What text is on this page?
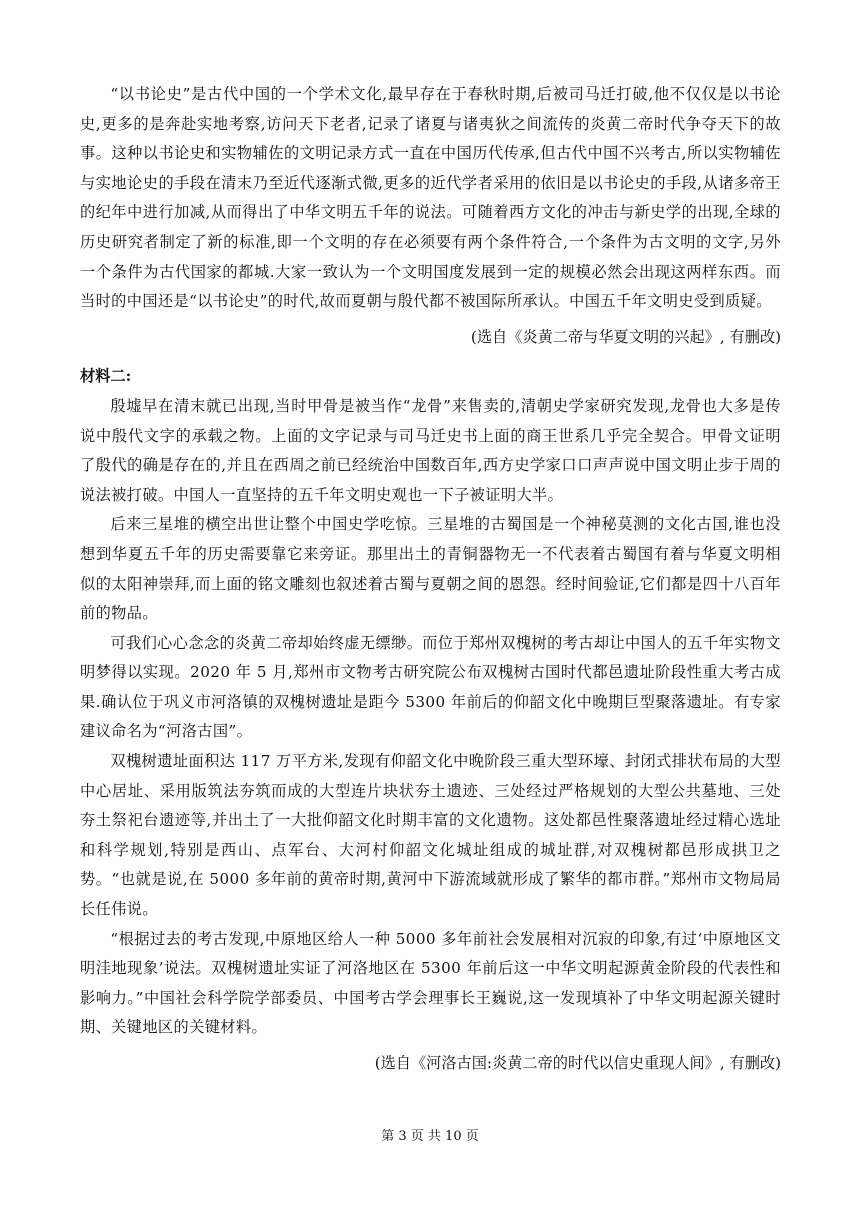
“以书论史”是古代中国的一个学术文化,最早存在于春秋时期,后被司马迁打破,他不仅仅是以书论史,更多的是奔赴实地考察,访问天下老者,记录了诸夏与诸夷狄之间流传的炎黄二帝时代争夺天下的故事。这种以书论史和实物辅佐的文明记录方式一直在中国历代传承,但古代中国不兴考古,所以实物辅佐与实地论史的手段在清末乃至近代逐渐式微,更多的近代学者采用的依旧是以书论史的手段,从诸多帝王的纪年中进行加减,从而得出了中华文明五千年的说法。可随着西方文化的冲击与新史学的出现,全球的历史研究者制定了新的标准,即一个文明的存在必须要有两个条件符合,一个条件为古文明的文字,另外一个条件为古代国家的都城.大家一致认为一个文明国度发展到一定的规模必然会出现这两样东西。而当时的中国还是“以书论史”的时代,故而夏朝与殷代都不被国际所承认。中国五千年文明史受到质疑。

(选自《炎黄二帝与华夏文明的兴起》, 有删改)

材料二:

殷墟早在清末就已出现,当时甲骨是被当作“龙骨”来售卖的,清朝史学家研究发现,龙骨也大多是传说中殷代文字的承载之物。上面的文字记录与司马迁史书上面的商王世系几乎完全契合。甲骨文证明了殷代的确是存在的,并且在西周之前已经统治中国数百年,西方史学家口口声声说中国文明止步于周的说法被打破。中国人一直坚持的五千年文明史观也一下子被证明大半。

后来三星堆的横空出世让整个中国史学吃惊。三星堆的古蜀国是一个神秘莫测的文化古国,谁也没想到华夏五千年的历史需要靠它来旁证。那里出土的青铜器物无一不代表着古蜀国有着与华夏文明相似的太阳神崇拜,而上面的铭文雕刻也叙述着古蜀与夏朝之间的恩怨。经时间验证,它们都是四十八百年前的物品。

可我们心心念念的炎黄二帝却始终虚无缥缈。而位于郑州双槐树的考古却让中国人的五千年实物文明梦得以实现。2020 年 5 月,郑州市文物考古研究院公布双槐树古国时代都邑遗址阶段性重大考古成果.确认位于巩义市河洛镇的双槐树遗址是距今 5300 年前后的仰韶文化中晚期巨型聚落遗址。有专家建议命名为“河洛古国”。

双槐树遗址面积达 117 万平方米,发现有仰韶文化中晚阶段三重大型环壕、封闭式排状布局的大型中心居址、采用版筑法夯筑而成的大型连片块状夯土遗迹、三处经过严格规划的大型公共墓地、三处夯土祭祀台遗迹等,并出土了一大批仰韶文化时期丰富的文化遗物。这处都邑性聚落遗址经过精心选址和科学规划,特别是西山、点军台、大河村仰韶文化城址组成的城址群,对双槐树都邑形成拱卫之势。“也就是说,在 5000 多年前的黄帝时期,黄河中下游流域就形成了繁华的都市群。”郑州市文物局局长任伟说。

“根据过去的考古发现,中原地区给人一种 5000 多年前社会发展相对沉寂的印象,有过‘中原地区文明洼地现象’说法。双槐树遗址实证了河洛地区在 5300 年前后这一中华文明起源黄金阶段的代表性和影响力。”中国社会科学院学部委员、中国考古学会理事长王巍说,这一发现填补了中华文明起源关键时期、关键地区的关键材料。

(选自《河洛古国:炎黄二帝的时代以信史重现人间》, 有删改)

第 3 页 共 10 页
